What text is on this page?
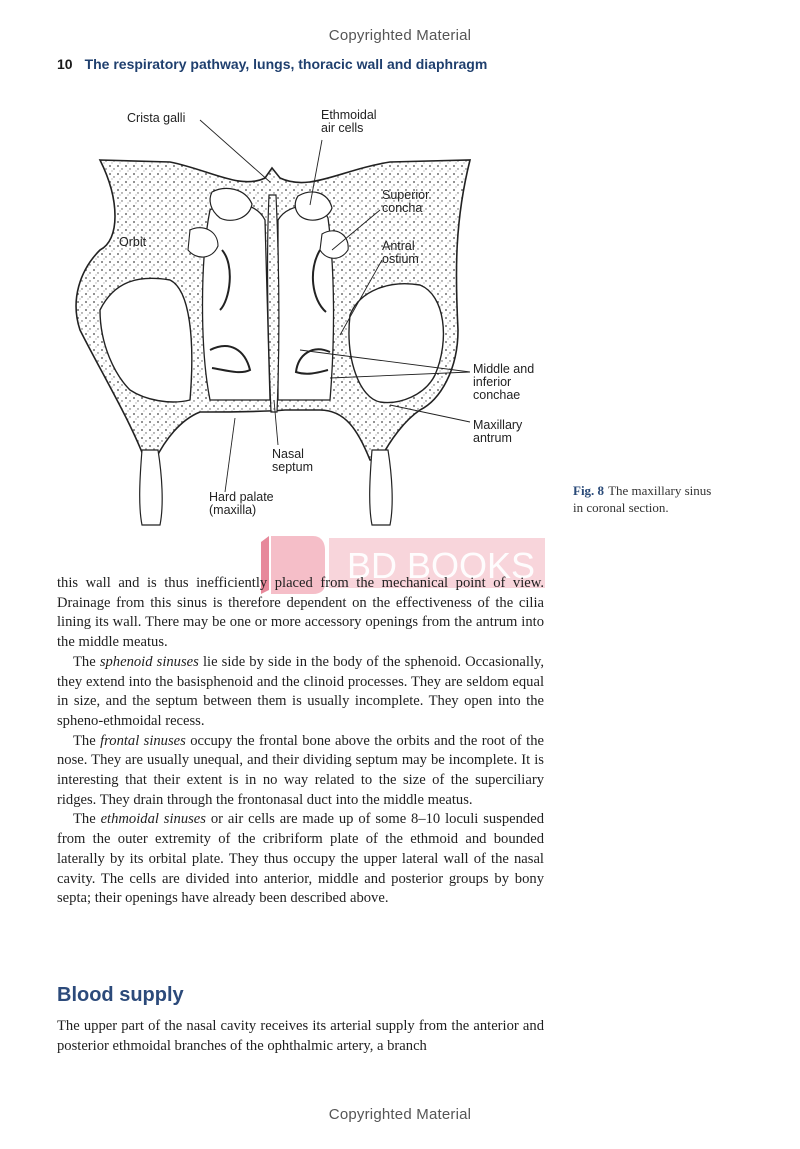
Copyrighted Material
10 The respiratory pathway, lungs, thoracic wall and diaphragm
Crista galli	Ethmoidal
air cells
Superior
concha
Orbit	Antral
ostium
Middle and
inferior
conchae
Maxillary
antrum
Nasal
septum
Hard palate
(maxilla)
Fig. 8 The maxillary sinus in coronal section.
BD BOOKS

this wall and is thus inefficiently placed from the mechanical point of view. Drainage from this sinus is therefore dependent on the effectiveness of the cilia lining its wall. There may be one or more accessory openings from the antrum into the middle meatus.

The sphenoid sinuses lie side by side in the body of the sphenoid. Occasionally, they extend into the basisphenoid and the clinoid processes. They are seldom equal in size, and the septum between them is usually incomplete. They open into the spheno-ethmoidal recess.

The frontal sinuses occupy the frontal bone above the orbits and the root of the nose. They are usually unequal, and their dividing septum may be incomplete. It is interesting that their extent is in no way related to the size of the superciliary ridges. They drain through the frontonasal duct into the middle meatus.

The ethmoidal sinuses or air cells are made up of some 8–10 loculi suspended from the outer extremity of the cribriform plate of the ethmoid and bounded laterally by its orbital plate. They thus occupy the upper lateral wall of the nasal cavity. The cells are divided into anterior, middle and posterior groups by bony septa; their openings have already been described above.

Blood supply

The upper part of the nasal cavity receives its arterial supply from the anterior and posterior ethmoidal branches of the ophthalmic artery, a branch

Copyrighted Material
